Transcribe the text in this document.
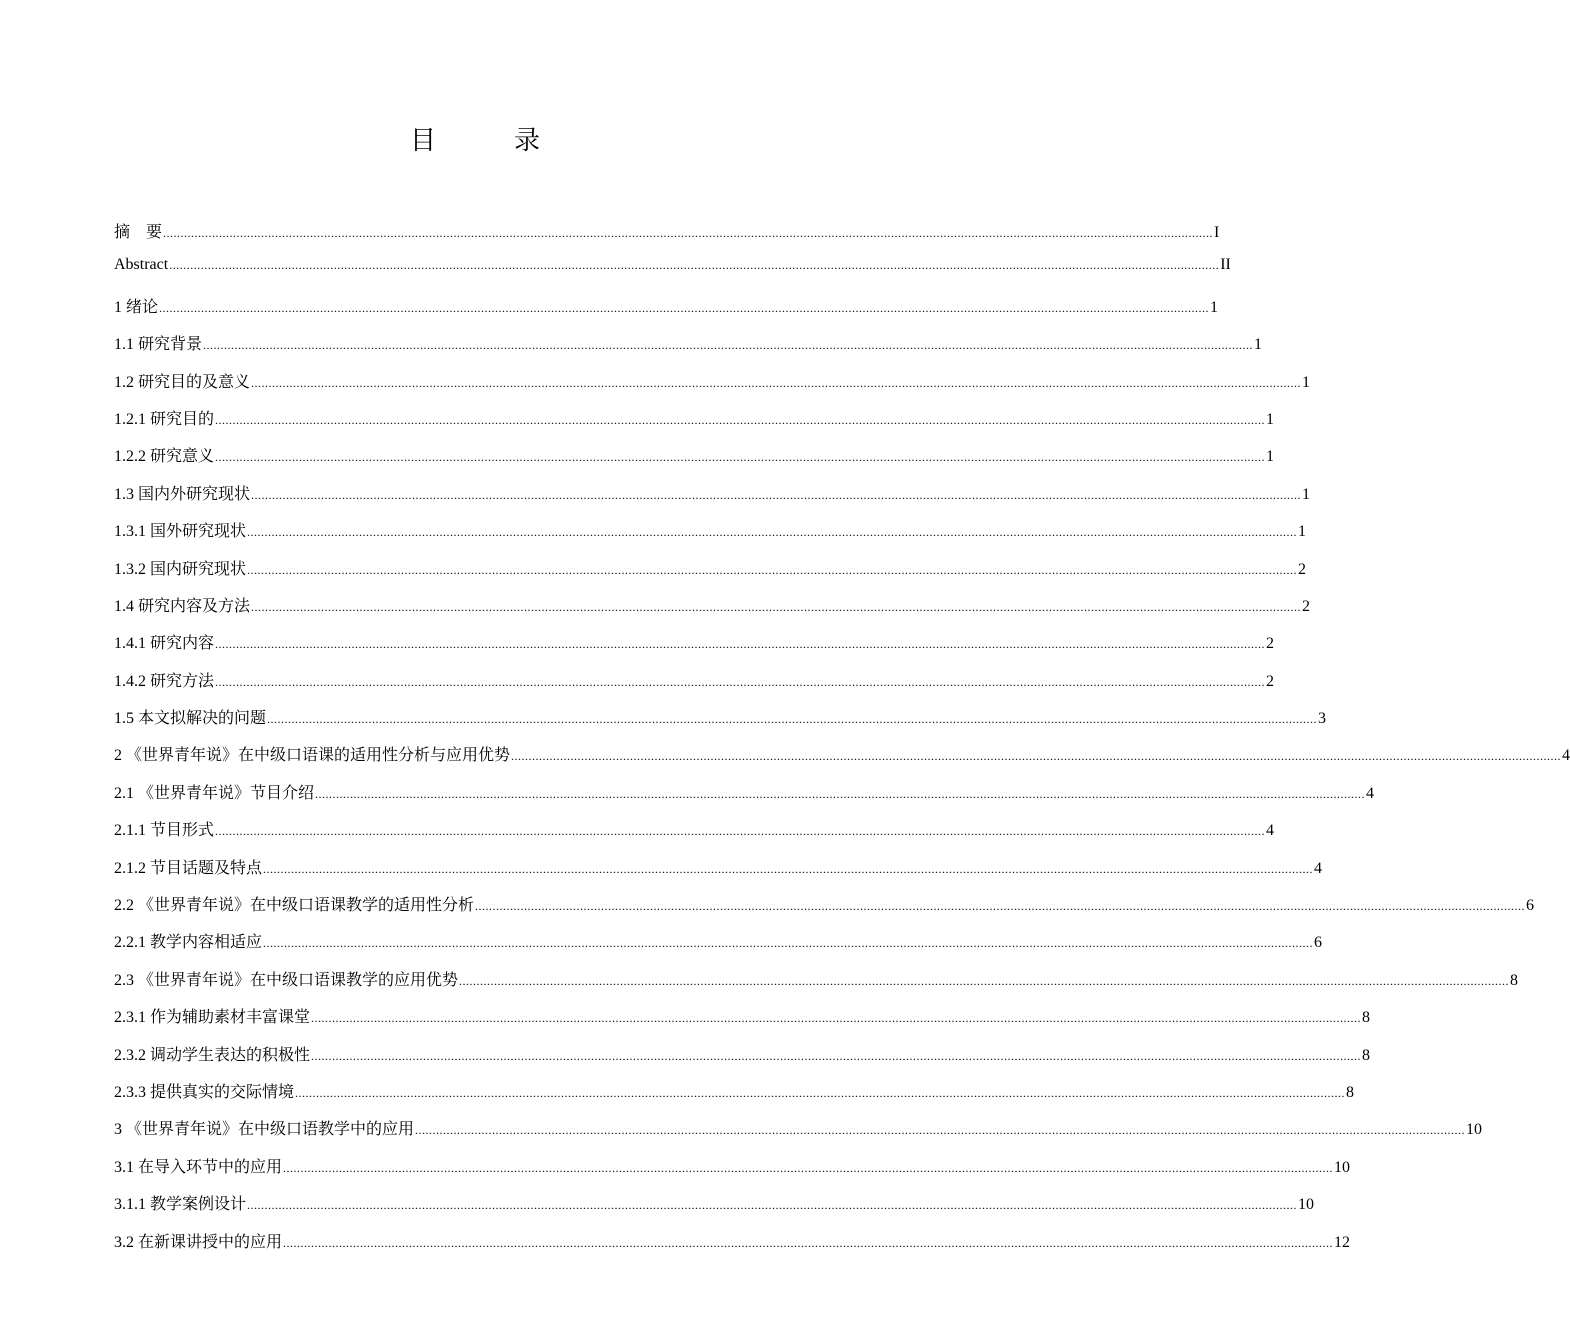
目　录
摘　要 ............................................................................................................................................................................................................................................................................................................ I
Abstract ............................................................................................................................................................................................................................................................................................................ II
1 绪论 ............................................................................................................................................................................................................................................................................................................ 1
1.1 研究背景 ............................................................................................................................................................................................................................................................................................................ 1
1.2 研究目的及意义 ............................................................................................................................................................................................................................................................................................................ 1
1.2.1 研究目的 ............................................................................................................................................................................................................................................................................................................ 1
1.2.2 研究意义 ............................................................................................................................................................................................................................................................................................................ 1
1.3 国内外研究现状 ............................................................................................................................................................................................................................................................................................................ 1
1.3.1 国外研究现状 ............................................................................................................................................................................................................................................................................................................ 1
1.3.2 国内研究现状 ............................................................................................................................................................................................................................................................................................................ 2
1.4 研究内容及方法 ............................................................................................................................................................................................................................................................................................................ 2
1.4.1 研究内容 ............................................................................................................................................................................................................................................................................................................ 2
1.4.2 研究方法 ............................................................................................................................................................................................................................................................................................................ 2
1.5 本文拟解决的问题 ............................................................................................................................................................................................................................................................................................................ 3
2 《世界青年说》在中级口语课的适用性分析与应用优势 ............................................................................................................................................................................................................................................................................................................ 4
2.1 《世界青年说》节目介绍 ............................................................................................................................................................................................................................................................................................................ 4
2.1.1 节目形式 ............................................................................................................................................................................................................................................................................................................ 4
2.1.2 节目话题及特点 ............................................................................................................................................................................................................................................................................................................ 4
2.2 《世界青年说》在中级口语课教学的适用性分析 ............................................................................................................................................................................................................................................................................................................ 6
2.2.1 教学内容相适应 ............................................................................................................................................................................................................................................................................................................ 6
2.3 《世界青年说》在中级口语课教学的应用优势 ............................................................................................................................................................................................................................................................................................................ 8
2.3.1 作为辅助素材丰富课堂 ............................................................................................................................................................................................................................................................................................................ 8
2.3.2 调动学生表达的积极性 ............................................................................................................................................................................................................................................................................................................ 8
2.3.3 提供真实的交际情境 ............................................................................................................................................................................................................................................................................................................ 8
3 《世界青年说》在中级口语教学中的应用 ............................................................................................................................................................................................................................................................................................................ 10
3.1 在导入环节中的应用 ............................................................................................................................................................................................................................................................................................................ 10
3.1.1 教学案例设计 ............................................................................................................................................................................................................................................................................................................ 10
3.2 在新课讲授中的应用 ............................................................................................................................................................................................................................................................................................................ 12
